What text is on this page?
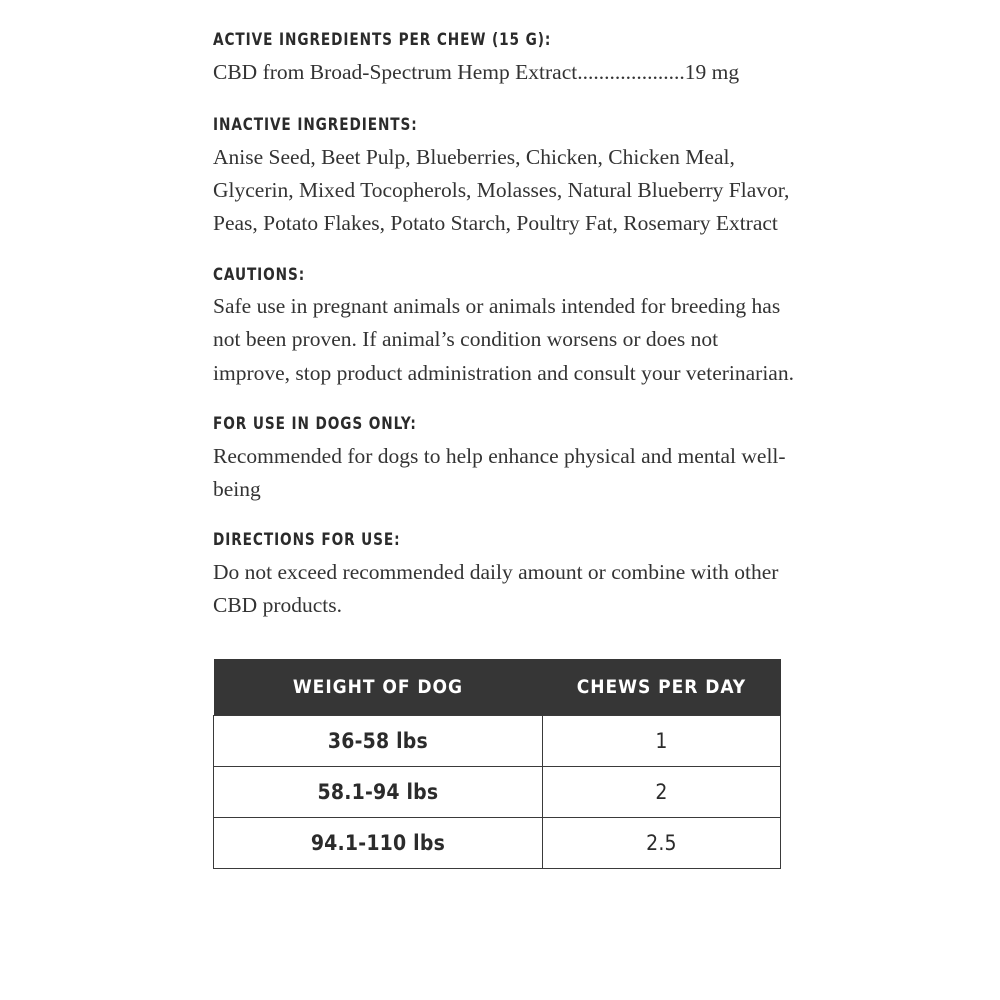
ACTIVE INGREDIENTS PER CHEW (15 G):

CBD from Broad-Spectrum Hemp Extract....................19 mg

INACTIVE INGREDIENTS:

Anise Seed, Beet Pulp, Blueberries, Chicken, Chicken Meal, Glycerin, Mixed Tocopherols, Molasses, Natural Blueberry Flavor, Peas, Potato Flakes, Potato Starch, Poultry Fat, Rosemary Extract

CAUTIONS:

Safe use in pregnant animals or animals intended for breeding has not been proven. If animal’s condition worsens or does not improve, stop product administration and consult your veterinarian.

FOR USE IN DOGS ONLY:

Recommended for dogs to help enhance physical and mental well-being

DIRECTIONS FOR USE:

Do not exceed recommended daily amount or combine with other CBD products.

WEIGHT OF DOG	CHEWS PER DAY
36-58 lbs	1
58.1-94 lbs	2
94.1-110 lbs	2.5
